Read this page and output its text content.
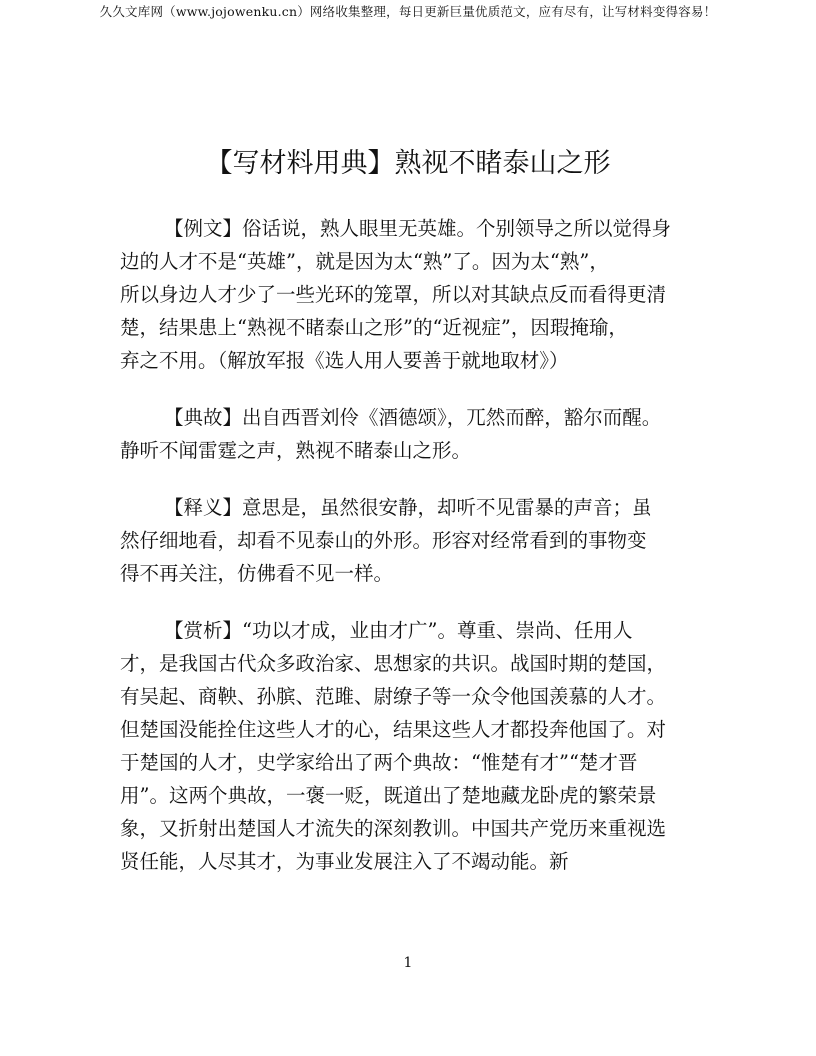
久久文库网（www.jojowenku.cn）网络收集整理，每日更新巨量优质范文，应有尽有，让写材料变得容易！
【写材料用典】熟视不睹泰山之形

【例文】俗话说，熟人眼里无英雄。个别领导之所以觉得身
边的人才不是“英雄”，就是因为太“熟”了。因为太“熟”，
所以身边人才少了一些光环的笼罩，所以对其缺点反而看得更清
楚，结果患上“熟视不睹泰山之形”的“近视症”，因瑕掩瑜，
弃之不用。（解放军报《选人用人要善于就地取材》）

【典故】出自西晋刘伶《酒德颂》，兀然而醉，豁尔而醒。
静听不闻雷霆之声，熟视不睹泰山之形。

【释义】意思是，虽然很安静，却听不见雷暴的声音；虽
然仔细地看，却看不见泰山的外形。形容对经常看到的事物变
得不再关注，仿佛看不见一样。

【赏析】“功以才成，业由才广”。尊重、崇尚、任用人
才，是我国古代众多政治家、思想家的共识。战国时期的楚国，
有吴起、商鞅、孙膑、范雎、尉缭子等一众令他国羡慕的人才。
但楚国没能拴住这些人才的心，结果这些人才都投奔他国了。对
于楚国的人才，史学家给出了两个典故：“惟楚有才”“楚才晋
用”。这两个典故，一褒一贬，既道出了楚地藏龙卧虎的繁荣景
象，又折射出楚国人才流失的深刻教训。中国共产党历来重视选
贤任能，人尽其才，为事业发展注入了不竭动能。新

1
